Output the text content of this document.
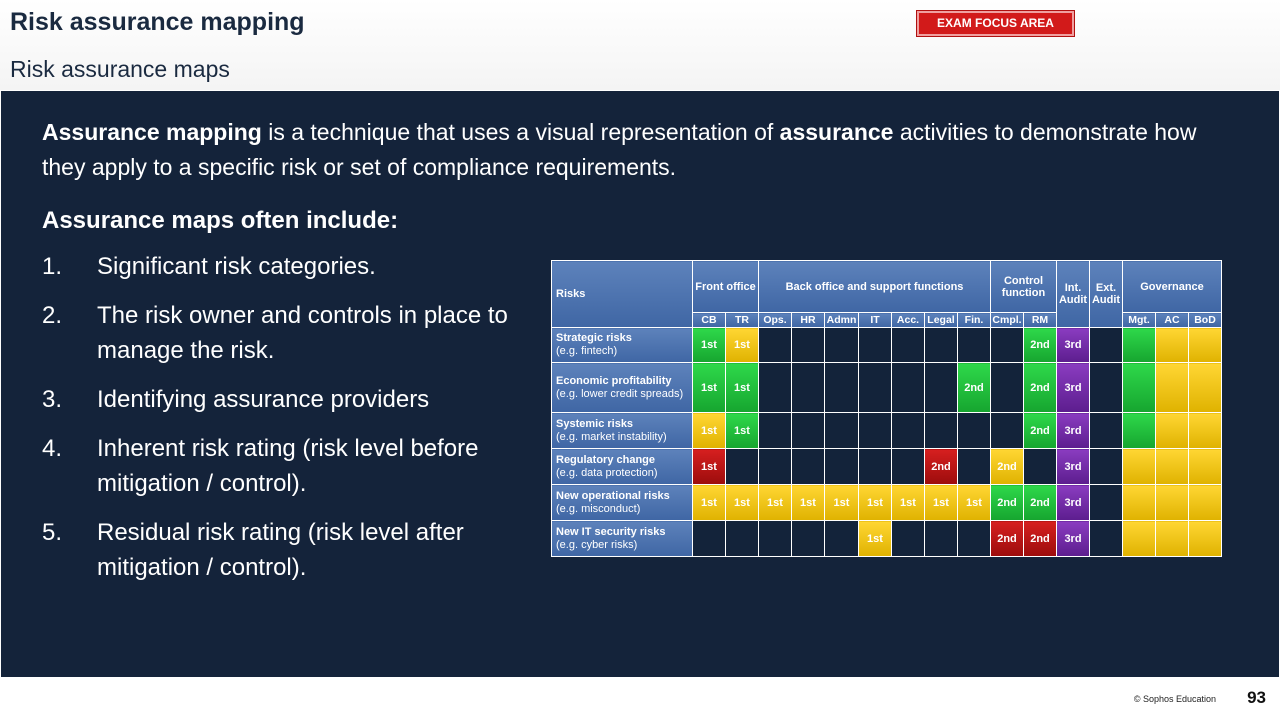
Risk assurance mapping
Risk assurance maps
EXAM FOCUS AREA
Assurance mapping is a technique that uses a visual representation of assurance activities to demonstrate how they apply to a specific risk or set of compliance requirements.
Assurance maps often include:
1.	Significant risk categories.
2.	The risk owner and controls in place to manage the risk.
3.	Identifying assurance providers
4.	Inherent risk rating (risk level before mitigation / control).
5.	Residual risk rating (risk level after mitigation / control).
Risks	Front office		Back office and support functions							Control function		Int. Audit	Ext. Audit	Governance		
	CB	TR	Ops.	HR	Admn	IT	Acc.	Legal	Fin.	Cmpl.	RM			Mgt.	AC	BoD

Strategic risks
(e.g. fintech)	1st	1st									2nd	3rd				

Economic profitability
(e.g. lower credit spreads)	1st	1st							2nd		2nd	3rd				

Systemic risks
(e.g. market instability)	1st	1st									2nd	3rd				

Regulatory change
(e.g. data protection)	1st							2nd		2nd		3rd				

New operational risks
(e.g. misconduct)	1st	1st	1st	1st	1st	1st	1st	1st	1st	2nd	2nd	3rd				

New IT security risks
(e.g. cyber risks)						1st				2nd	2nd	3rd				
© Sophos Education 93
